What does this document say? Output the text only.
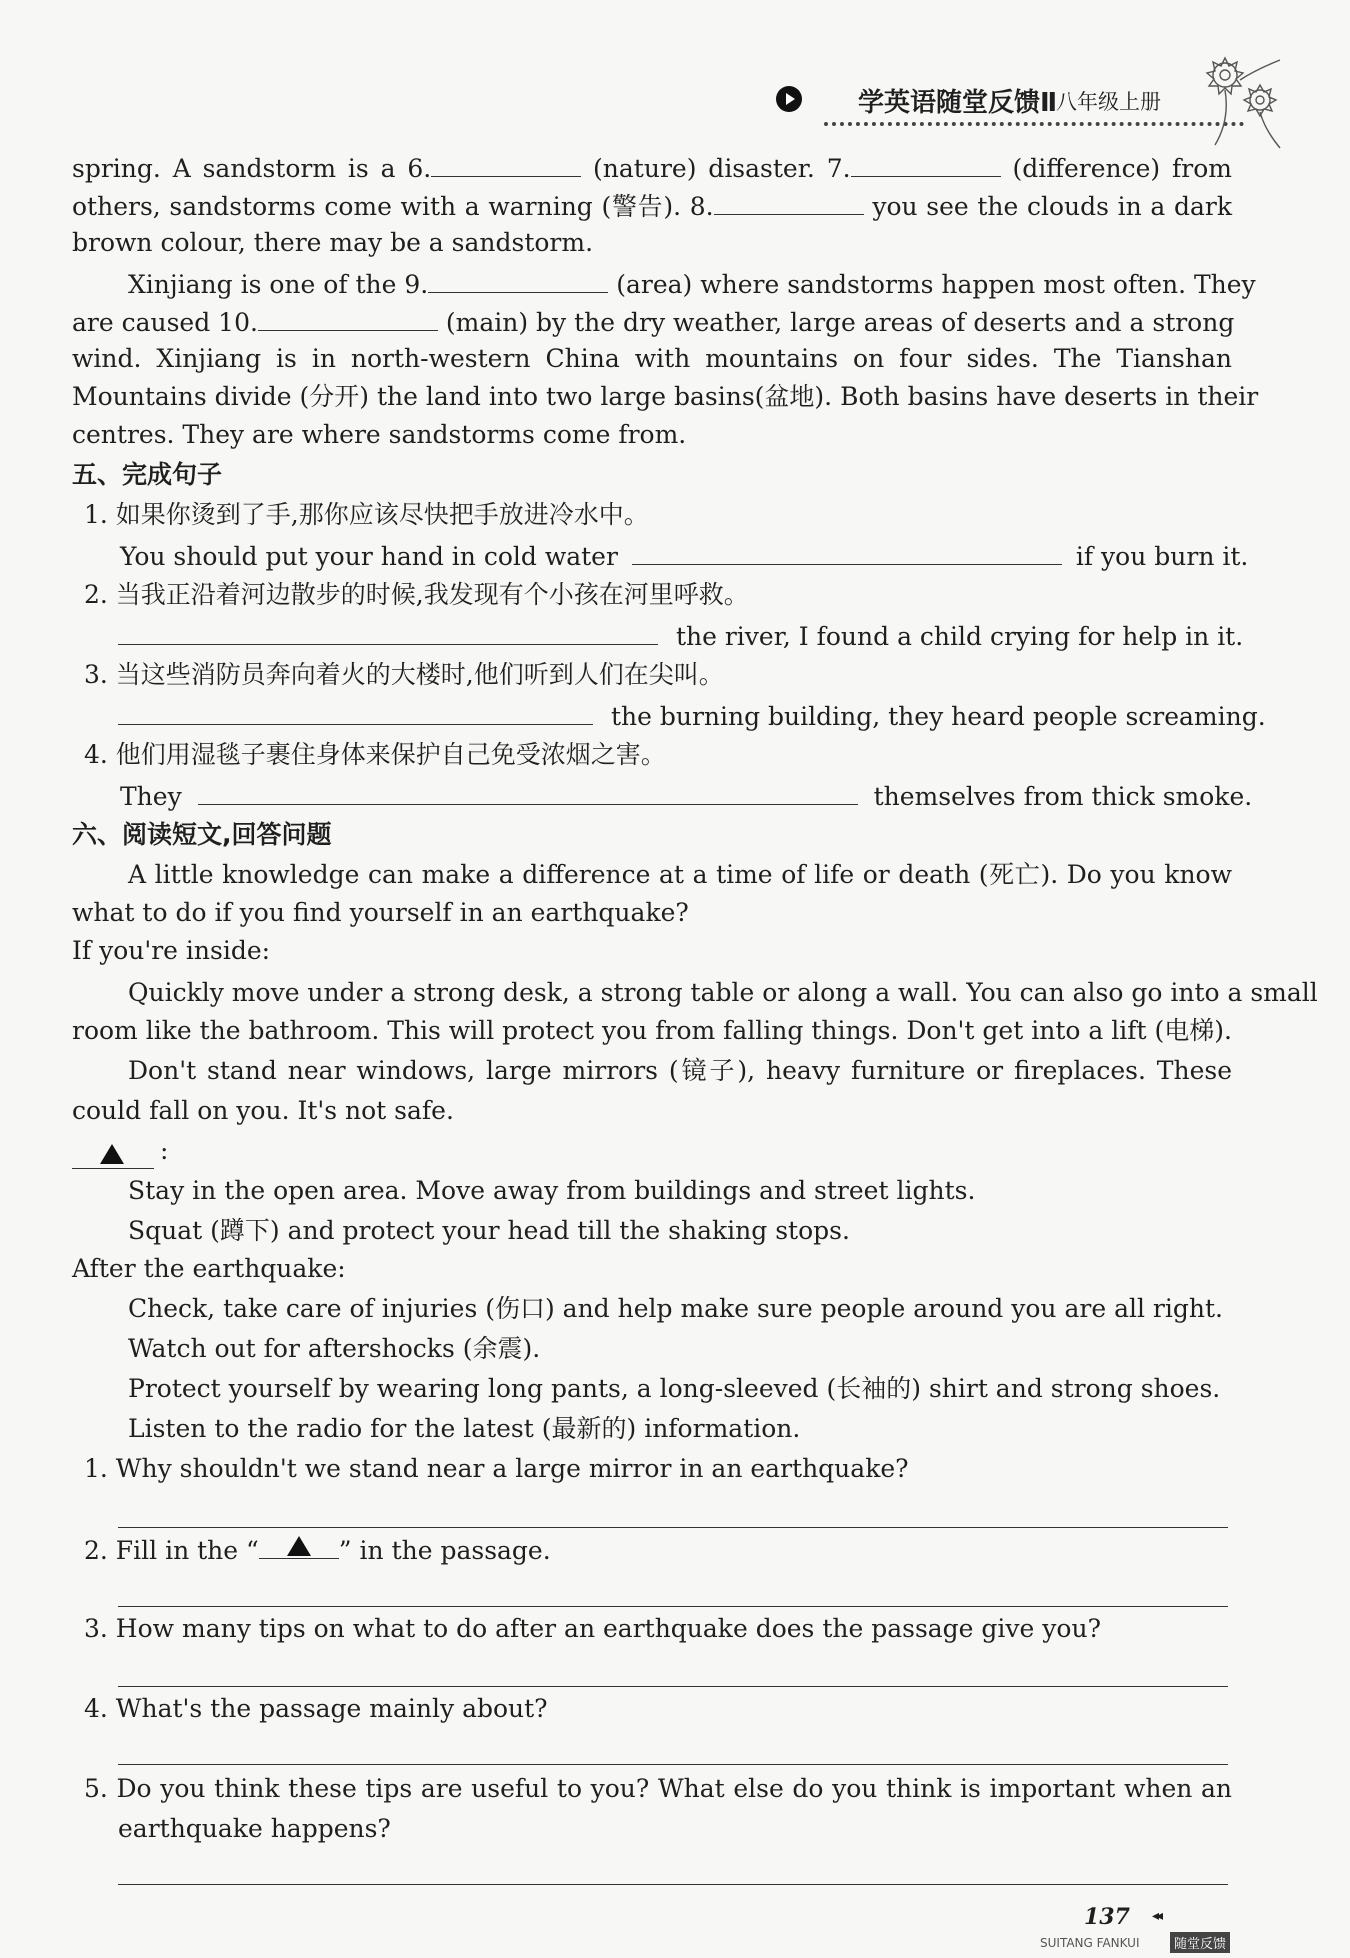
学英语随堂反馈Ⅱ
八年级上册
spring. A sandstorm is a 6.	(nature) disaster. 7.	(difference) from
others, sandstorms come with a warning (警告). 8.	you see the clouds in a dark
brown colour, there may be a sandstorm.
Xinjiang is one of the 9.	(area) where sandstorms happen most often. They
are caused 10.	(main) by the dry weather, large areas of deserts and a strong
wind. Xinjiang is in north-western China with mountains on four sides. The Tianshan
Mountains divide (分开) the land into two large basins(盆地). Both basins have deserts in their
centres. They are where sandstorms come from.
五、完成句子
1. 如果你烫到了手,那你应该尽快把手放进冷水中。
You should put your hand in cold water	if you burn it.
2. 当我正沿着河边散步的时候,我发现有个小孩在河里呼救。
the river, I found a child crying for help in it.
3. 当这些消防员奔向着火的大楼时,他们听到人们在尖叫。
the burning building, they heard people screaming.
4. 他们用湿毯子裹住身体来保护自己免受浓烟之害。
They	themselves from thick smoke.
六、阅读短文,回答问题
A little knowledge can make a difference at a time of life or death (死亡). Do you know
what to do if you find yourself in an earthquake?
If you're inside:
Quickly move under a strong desk, a strong table or along a wall. You can also go into a small
room like the bathroom. This will protect you from falling things. Don't get into a lift (电梯).
Don't stand near windows, large mirrors (镜子), heavy furniture or fireplaces. These
could fall on you. It's not safe.
:
Stay in the open area. Move away from buildings and street lights.
Squat (蹲下) and protect your head till the shaking stops.
After the earthquake:
Check, take care of injuries (伤口) and help make sure people around you are all right.
Watch out for aftershocks (余震).
Protect yourself by wearing long pants, a long-sleeved (长袖的) shirt and strong shoes.
Listen to the radio for the latest (最新的) information.
1. Why shouldn't we stand near a large mirror in an earthquake?
2. Fill in the “	” in the passage.
3. How many tips on what to do after an earthquake does the passage give you?
4. What's the passage mainly about?
5. Do you think these tips are useful to you? What else do you think is important when an
earthquake happens?
137 ◂◂
SUITANG FANKUI	随堂反馈
